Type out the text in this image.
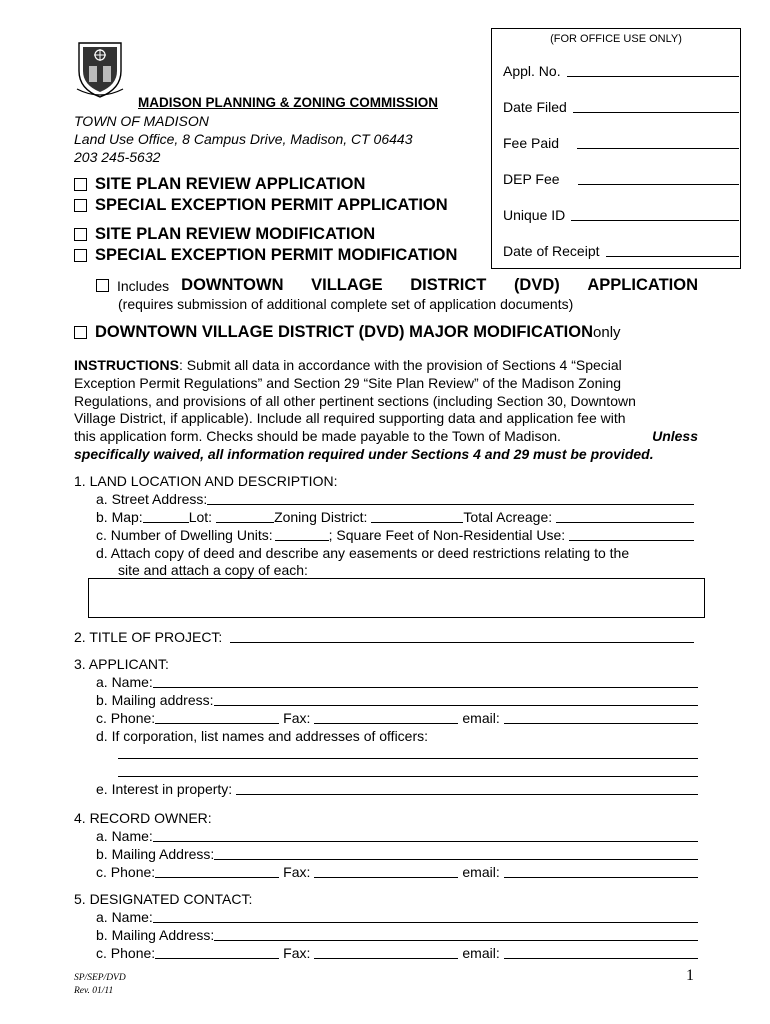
(FOR OFFICE USE ONLY)
Appl. No.
Date Filed
Fee Paid
DEP Fee
Unique ID
Date of Receipt
MADISON PLANNING & ZONING COMMISSION
TOWN OF MADISON
Land Use Office, 8 Campus Drive, Madison, CT 06443
203 245-5632
SITE PLAN REVIEW APPLICATION
SPECIAL EXCEPTION PERMIT APPLICATION
SITE PLAN REVIEW MODIFICATION
SPECIAL EXCEPTION PERMIT MODIFICATION
Includes DOWNTOWN VILLAGE DISTRICT (DVD) APPLICATION
(requires submission of additional complete set of application documents)
DOWNTOWN VILLAGE DISTRICT (DVD) MAJOR MODIFICATION only
INSTRUCTIONS: Submit all data in accordance with the provision of Sections 4 “Special
Exception Permit Regulations” and Section 29 “Site Plan Review” of the Madison Zoning
Regulations, and provisions of all other pertinent sections (including Section 30, Downtown
Village District, if applicable). Include all required supporting data and application fee with
this application form. Checks should be made payable to the Town of Madison.	Unless
specifically waived, all information required under Sections 4 and 29 must be provided.
1. LAND LOCATION AND DESCRIPTION:
a. Street Address:
b. Map:	Lot:	Zoning District:	Total Acreage:
c. Number of Dwelling Units:	; Square Feet of Non-Residential Use:
d. Attach copy of deed and describe any easements or deed restrictions relating to the
site and attach a copy of each:
2. TITLE OF PROJECT:
3. APPLICANT:
a. Name:
b. Mailing address:
c. Phone:	Fax:	email:
d. If corporation, list names and addresses of officers:
e. Interest in property:
4. RECORD OWNER:
a. Name:
b. Mailing Address:
c. Phone:	Fax:	email:
5. DESIGNATED CONTACT:
a. Name:
b. Mailing Address:
c. Phone:	Fax:	email:
SP/SEP/DVD
Rev. 01/11
1
